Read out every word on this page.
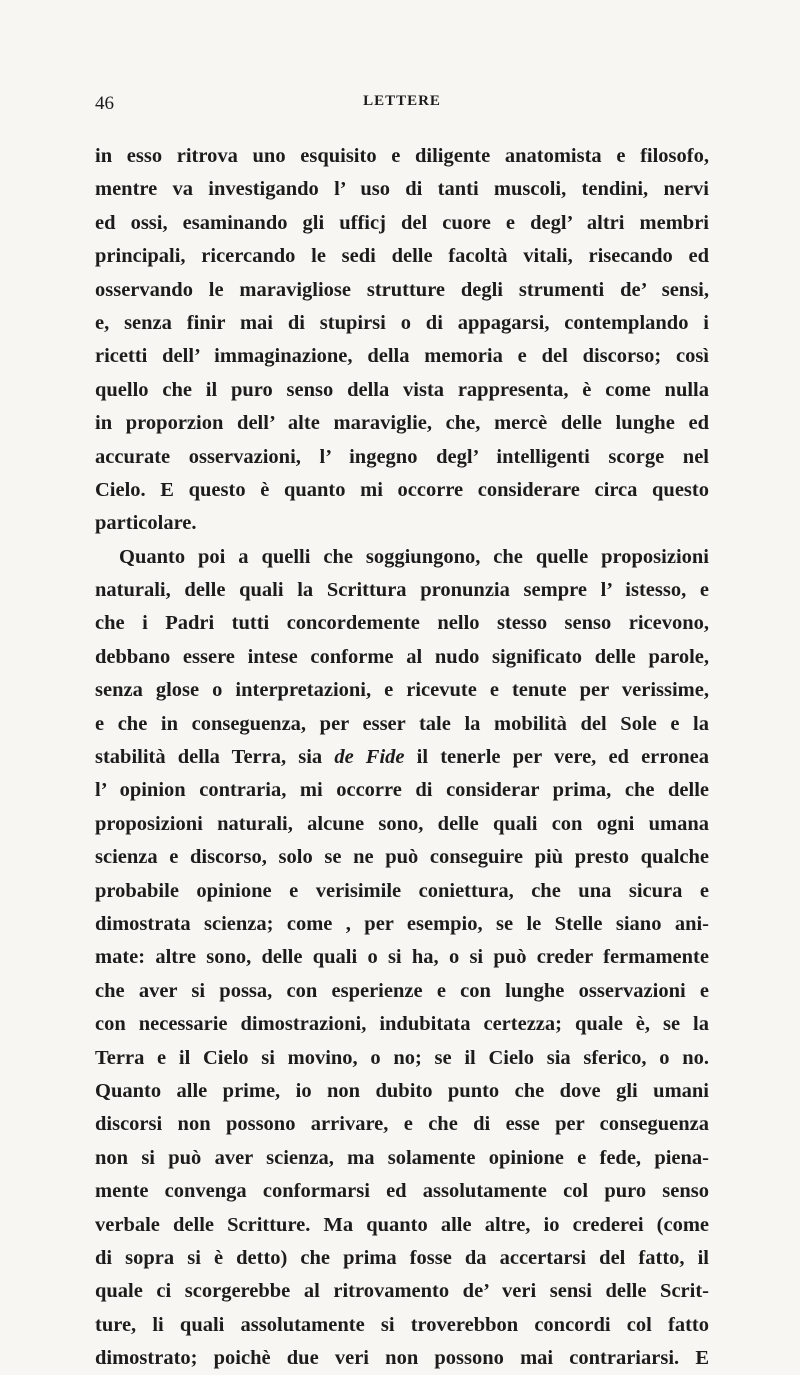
46	LETTERE
in esso ritrova uno esquisito e diligente anatomista e filosofo,
mentre va investigando l’ uso di tanti muscoli, tendini, nervi
ed ossi, esaminando gli ufficj del cuore e degl’ altri membri
principali, ricercando le sedi delle facoltà vitali, risecando ed
osservando le maravigliose strutture degli strumenti de’ sensi,
e, senza finir mai di stupirsi o di appagarsi, contemplando i
ricetti dell’ immaginazione, della memoria e del discorso; così
quello che il puro senso della vista rappresenta, è come nulla
in proporzion dell’ alte maraviglie, che, mercè delle lunghe ed
accurate osservazioni, l’ ingegno degl’ intelligenti scorge nel
Cielo. E questo è quanto mi occorre considerare circa questo
particolare.
Quanto poi a quelli che soggiungono, che quelle proposizioni
naturali, delle quali la Scrittura pronunzia sempre l’ istesso, e
che i Padri tutti concordemente nello stesso senso ricevono,
debbano essere intese conforme al nudo significato delle parole,
senza glose o interpretazioni, e ricevute e tenute per verissime,
e che in conseguenza, per esser tale la mobilità del Sole e la
stabilità della Terra, sia de Fide il tenerle per vere, ed erronea
l’ opinion contraria, mi occorre di considerar prima, che delle
proposizioni naturali, alcune sono, delle quali con ogni umana
scienza e discorso, solo se ne può conseguire più presto qualche
probabile opinione e verisimile coniettura, che una sicura e
dimostrata scienza; come , per esempio, se le Stelle siano ani-
mate: altre sono, delle quali o si ha, o si può creder fermamente
che aver si possa, con esperienze e con lunghe osservazioni e
con necessarie dimostrazioni, indubitata certezza; quale è, se la
Terra e il Cielo si movino, o no; se il Cielo sia sferico, o no.
Quanto alle prime, io non dubito punto che dove gli umani
discorsi non possono arrivare, e che di esse per conseguenza
non si può aver scienza, ma solamente opinione e fede, piena-
mente convenga conformarsi ed assolutamente col puro senso
verbale delle Scritture. Ma quanto alle altre, io crederei (come
di sopra si è detto) che prima fosse da accertarsi del fatto, il
quale ci scorgerebbe al ritrovamento de’ veri sensi delle Scrit-
ture, li quali assolutamente si troverebbon concordi col fatto
dimostrato; poichè due veri non possono mai contrariarsi. E
